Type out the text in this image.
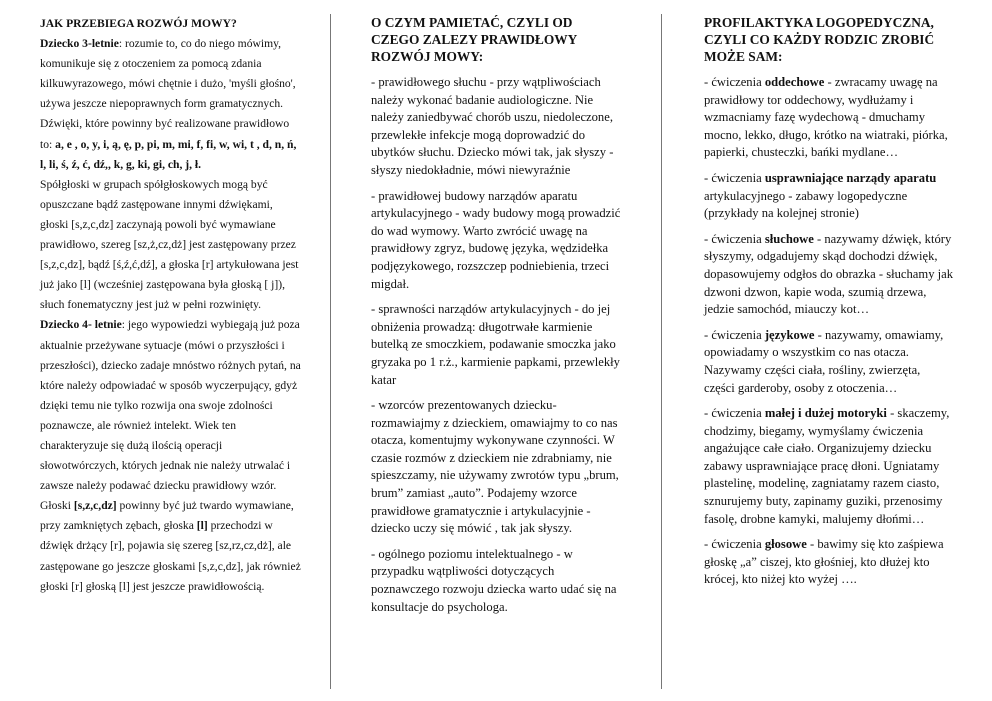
JAK PRZEBIEGA ROZWÓJ MOWY?

Dziecko 3-letnie: rozumie to, co do niego mówimy, komunikuje się z otoczeniem za pomocą zdania kilkuwyrazowego, mówi chętnie i dużo, 'myśli głośno', używa jeszcze niepoprawnych form gramatycznych. Dźwięki, które powinny być realizowane prawidłowo to: a, e , o, y, i, ą, ę, p, pi, m, mi, f, fi, w, wi, t , d, n, ń, l, li, ś, ź, ć, dź,, k, g, ki, gi, ch, j, ł.

Spółgłoski w grupach spółgłoskowych mogą być opuszczane bądź zastępowane innymi dźwiękami, głoski [s,z,c,dz] zaczynają powoli być wymawiane prawidłowo, szereg [sz,ż,cz,dż] jest zastępowany przez [s,z,c,dz], bądź [ś,ź,ć,dź], a głoska [r] artykułowana jest już jako [l] (wcześniej zastępowana była głoską [ j]), słuch fonematyczny jest już w pełni rozwinięty.

Dziecko 4- letnie: jego wypowiedzi wybiegają już poza aktualnie przeżywane sytuacje (mówi o przyszłości i przeszłości), dziecko zadaje mnóstwo różnych pytań, na które należy odpowiadać w sposób wyczerpujący, gdyż dzięki temu nie tylko rozwija ona swoje zdolności poznawcze, ale również intelekt. Wiek ten charakteryzuje się dużą ilością operacji słowotwórczych, których jednak nie należy utrwalać i zawsze należy podawać dziecku prawidłowy wzór.

Głoski [s,z,c,dz] powinny być już twardo wymawiane, przy zamkniętych zębach, głoska [l] przechodzi w dźwięk drżący [r], pojawia się szereg [sz,rz,cz,dż], ale zastępowane go jeszcze głoskami [s,z,c,dz], jak również głoski [r] głoską [l] jest jeszcze prawidłowością.

O CZYM PAMIETAĆ, CZYLI OD CZEGO ZALEZY PRAWIDŁOWY ROZWÓJ MOWY:

- prawidłowego słuchu - przy wątpliwościach należy wykonać badanie audiologiczne. Nie należy zaniedbywać chorób uszu, niedoleczone, przewlekłe infekcje mogą doprowadzić do ubytków słuchu. Dziecko mówi tak, jak słyszy - słyszy niedokładnie, mówi niewyraźnie

- prawidłowej budowy narządów aparatu artykulacyjnego - wady budowy mogą prowadzić do wad wymowy. Warto zwrócić uwagę na prawidłowy zgryz, budowę języka, wędzidełka podjęzykowego, rozszczep podniebienia, trzeci migdał.

- sprawności narządów artykulacyjnych - do jej obniżenia prowadzą: długotrwałe karmienie butelką ze smoczkiem, podawanie smoczka jako gryzaka po 1 r.ż., karmienie papkami, przewlekły katar

- wzorców prezentowanych dziecku- rozmawiajmy z dzieckiem, omawiajmy to co nas otacza, komentujmy wykonywane czynności. W czasie rozmów z dzieckiem nie zdrabniamy, nie spieszczamy, nie używamy zwrotów typu „brum, brum” zamiast „auto”. Podajemy wzorce prawidłowe gramatycznie i artykulacyjnie - dziecko uczy się mówić , tak jak słyszy.

- ogólnego poziomu intelektualnego - w przypadku wątpliwości dotyczących poznawczego rozwoju dziecka warto udać się na konsultacje do psychologa.

PROFILAKTYKA LOGOPEDYCZNA, CZYLI CO KAŻDY RODZIC ZROBIĆ MOŻE SAM:

- ćwiczenia oddechowe - zwracamy uwagę na prawidłowy tor oddechowy, wydłużamy i wzmacniamy fazę wydechową - dmuchamy mocno, lekko, długo, krótko na wiatraki, piórka, papierki, chusteczki, bańki mydlane…

- ćwiczenia usprawniające narządy aparatu artykulacyjnego - zabawy logopedyczne (przykłady na kolejnej stronie)

- ćwiczenia słuchowe - nazywamy dźwięk, który słyszymy, odgadujemy skąd dochodzi dźwięk, dopasowujemy odgłos do obrazka - słuchamy jak dzwoni dzwon, kapie woda, szumią drzewa, jedzie samochód, miauczy kot…

- ćwiczenia językowe - nazywamy, omawiamy, opowiadamy o wszystkim co nas otacza. Nazywamy części ciała, rośliny, zwierzęta, części garderoby, osoby z otoczenia…

- ćwiczenia małej i dużej motoryki - skaczemy, chodzimy, biegamy, wymyślamy ćwiczenia angażujące całe ciało. Organizujemy dziecku zabawy usprawniające pracę dłoni. Ugniatamy plastelinę, modelinę, zagniatamy razem ciasto, sznurujemy buty, zapinamy guziki, przenosimy fasolę, drobne kamyki, malujemy dłońmi…

- ćwiczenia głosowe - bawimy się kto zaśpiewa głoskę „a” ciszej, kto głośniej, kto dłużej kto krócej, kto niżej kto wyżej ….
